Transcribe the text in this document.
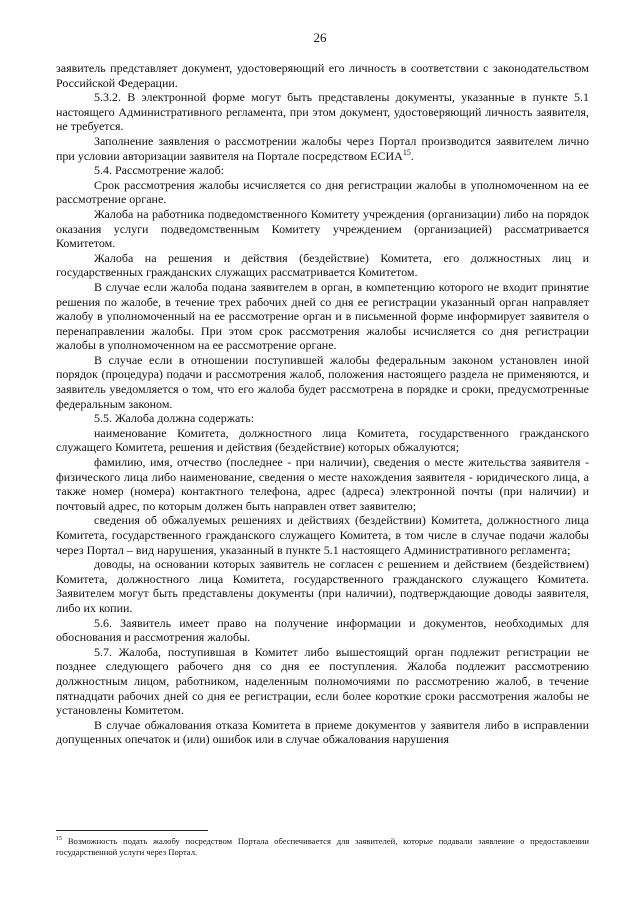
26

заявитель представляет документ, удостоверяющий его личность в соответствии с законодательством Российской Федерации.

5.3.2. В электронной форме могут быть представлены документы, указанные в пункте 5.1 настоящего Административного регламента, при этом документ, удостоверяющий личность заявителя, не требуется.

Заполнение заявления о рассмотрении жалобы через Портал производится заявителем лично при условии авторизации заявителя на Портале посредством ЕСИА$^{15}$.

5.4. Рассмотрение жалоб:

Срок рассмотрения жалобы исчисляется со дня регистрации жалобы в уполномоченном на ее рассмотрение органе.

Жалоба на работника подведомственного Комитету учреждения (организации) либо на порядок оказания услуги подведомственным Комитету учреждением (организацией) рассматривается Комитетом.

Жалоба на решения и действия (бездействие) Комитета, его должностных лиц и государственных гражданских служащих рассматривается Комитетом.

В случае если жалоба подана заявителем в орган, в компетенцию которого не входит принятие решения по жалобе, в течение трех рабочих дней со дня ее регистрации указанный орган направляет жалобу в уполномоченный на ее рассмотрение орган и в письменной форме информирует заявителя о перенаправлении жалобы. При этом срок рассмотрения жалобы исчисляется со дня регистрации жалобы в уполномоченном на ее рассмотрение органе.

В случае если в отношении поступившей жалобы федеральным законом установлен иной порядок (процедура) подачи и рассмотрения жалоб, положения настоящего раздела не применяются, и заявитель уведомляется о том, что его жалоба будет рассмотрена в порядке и сроки, предусмотренные федеральным законом.

5.5. Жалоба должна содержать:

наименование Комитета, должностного лица Комитета, государственного гражданского служащего Комитета, решения и действия (бездействие) которых обжалуются;

фамилию, имя, отчество (последнее - при наличии), сведения о месте жительства заявителя - физического лица либо наименование, сведения о месте нахождения заявителя - юридического лица, а также номер (номера) контактного телефона, адрес (адреса) электронной почты (при наличии) и почтовый адрес, по которым должен быть направлен ответ заявителю;

сведения об обжалуемых решениях и действиях (бездействии) Комитета, должностного лица Комитета, государственного гражданского служащего Комитета, в том числе в случае подачи жалобы через Портал – вид нарушения, указанный в пункте 5.1 настоящего Административного регламента;

доводы, на основании которых заявитель не согласен с решением и действием (бездействием) Комитета, должностного лица Комитета, государственного гражданского служащего Комитета. Заявителем могут быть представлены документы (при наличии), подтверждающие доводы заявителя, либо их копии.

5.6. Заявитель имеет право на получение информации и документов, необходимых для обоснования и рассмотрения жалобы.

5.7. Жалоба, поступившая в Комитет либо вышестоящий орган подлежит регистрации не позднее следующего рабочего дня со дня ее поступления. Жалоба подлежит рассмотрению должностным лицом, работником, наделенным полномочиями по рассмотрению жалоб, в течение пятнадцати рабочих дней со дня ее регистрации, если более короткие сроки рассмотрения жалобы не установлены Комитетом.

В случае обжалования отказа Комитета в приеме документов у заявителя либо в исправлении допущенных опечаток и (или) ошибок или в случае обжалования нарушения

$^{15}$ Возможность подать жалобу посредством Портала обеспечивается для заявителей, которые подавали заявление о предоставлении государственной услуги через Портал.
